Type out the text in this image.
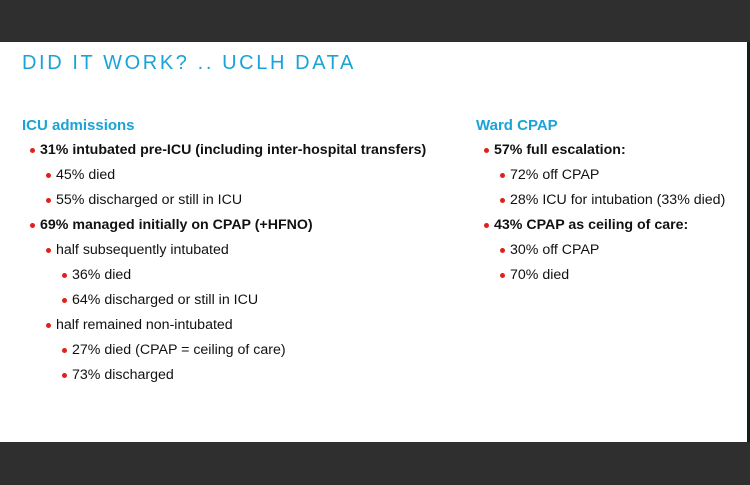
DID IT WORK? .. UCLH DATA
ICU admissions
31% intubated pre-ICU (including inter-hospital transfers)
45% died
55% discharged or still in ICU
69% managed initially on CPAP (+HFNO)
half subsequently intubated
36% died
64% discharged or still in ICU
half remained non-intubated
27% died (CPAP = ceiling of care)
73% discharged
Ward CPAP
57% full escalation:
72% off CPAP
28% ICU for intubation (33% died)
43% CPAP as ceiling of care:
30% off CPAP
70% died
